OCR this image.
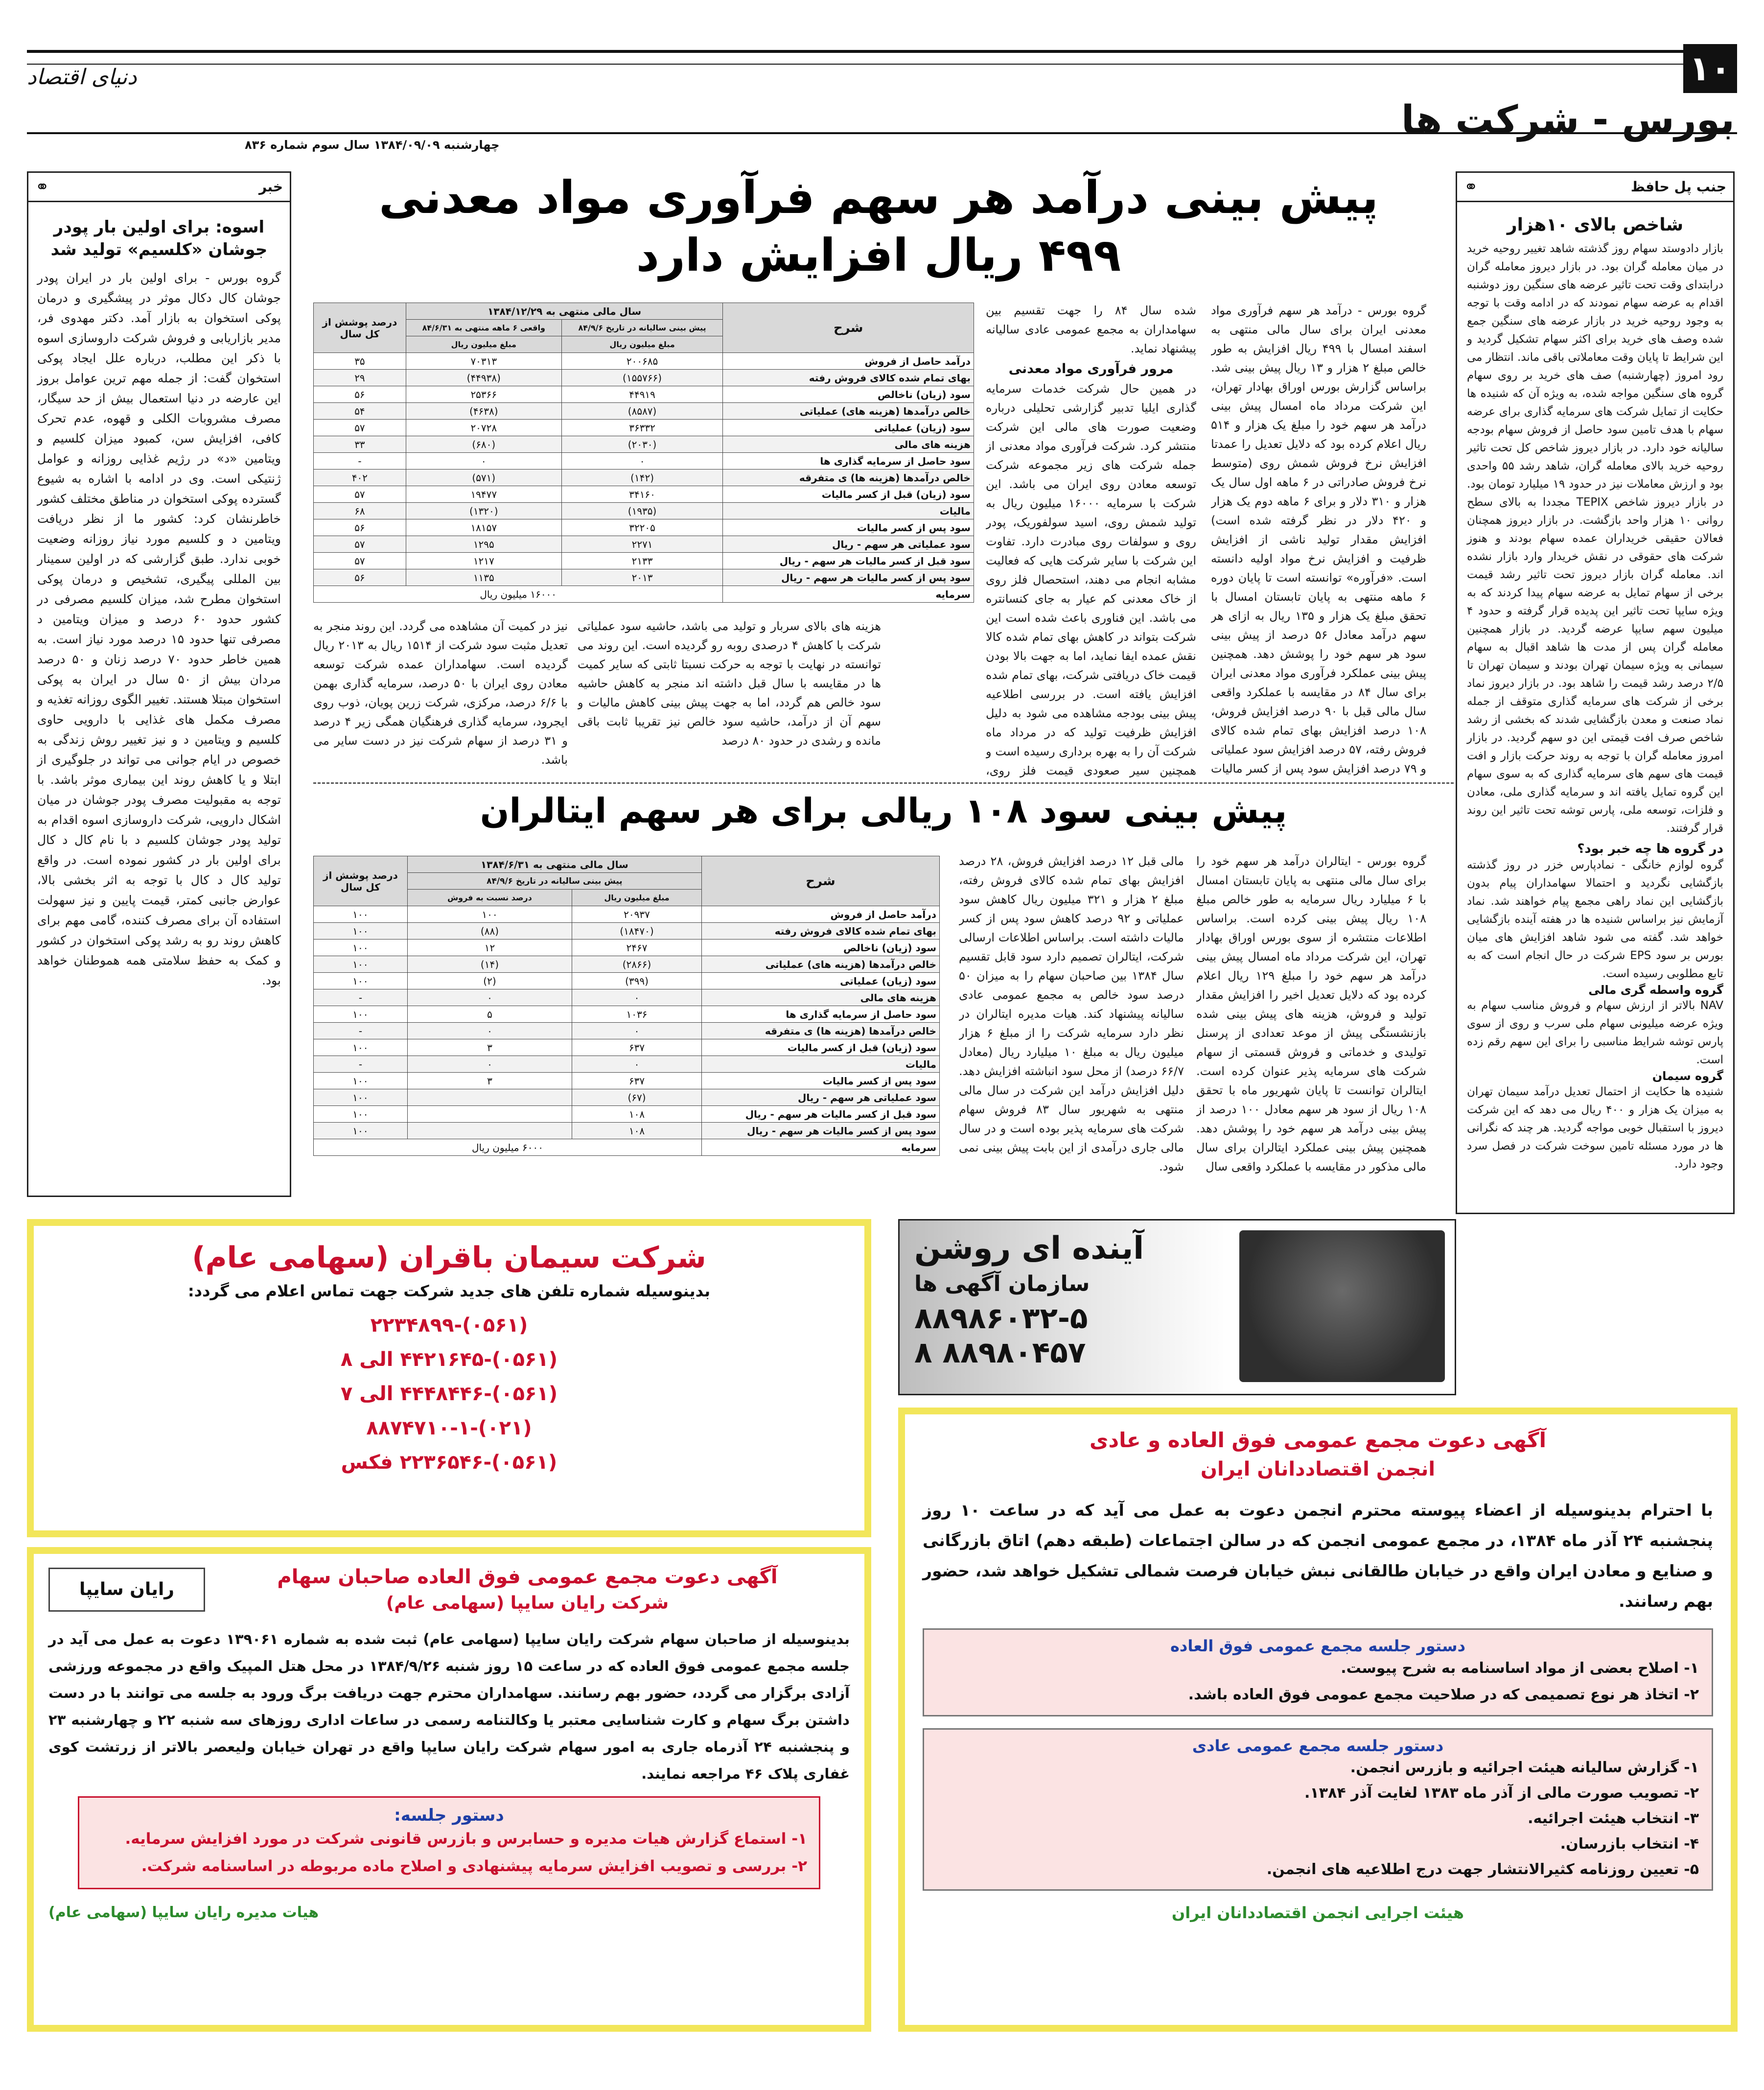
۱۰
دنیای اقتصاد
بورس - شرکت ها
چهارشنبه ۱۳۸۴/۰۹/۰۹ سال سوم شماره ۸۳۶
جنب پل حافظ
⚭
شاخص بالای ۱۰هزار

بازار دادوستد سهام روز گذشته شاهد تغییر روحیه خرید در میان معامله گران بود. در بازار دیروز معامله گران درابتدای وقت تحت تاثیر عرضه های سنگین روز دوشنبه اقدام به عرضه سهام نمودند که در ادامه وقت با توجه به وجود روحیه خرید در بازار عرضه های سنگین جمع شده وصف های خرید برای اکثر سهام تشکیل گردید و این شرایط تا پایان وقت معاملاتی باقی ماند. انتظار می رود امروز (چهارشنبه) صف های خرید بر روی سهام گروه های سنگین مواجه شده، به ویژه آن که شنیده ها حکایت از تمایل شرکت های سرمایه گذاری برای عرضه سهام با هدف تامین سود حاصل از فروش سهام بودجه سالیانه خود دارد. در بازار دیروز شاخص کل تحت تاثیر روحیه خرید بالای معامله گران، شاهد رشد ۵۵ واحدی بود و ارزش معاملات نیز در حدود ۱۹ میلیارد تومان بود. در بازار دیروز شاخص TEPIX مجددا به بالای سطح روانی ۱۰ هزار واحد بازگشت. در بازار دیروز همچنان فعالان حقیقی خریداران عمده سهام بودند و هنوز شرکت های حقوقی در نقش خریدار وارد بازار نشده اند. معامله گران بازار دیروز تحت تاثیر رشد قیمت برخی از سهام تمایل به عرضه سهام پیدا کردند که به ویژه سایپا تحت تاثیر این پدیده قرار گرفته و حدود ۴ میلیون سهم سایپا عرضه گردید. در بازار همچنین معامله گران پس از مدت ها شاهد اقبال به سهام سیمانی به ویژه سیمان تهران بودند و سیمان تهران تا ۲/۵ درصد رشد قیمت را شاهد بود. در بازار دیروز نماد برخی از شرکت های سرمایه گذاری متوقف از جمله نماد صنعت و معدن بازگشایی شدند که بخشی از رشد شاخص صرف افت قیمتی این دو سهم گردید. در بازار امروز معامله گران با توجه به روند حرکت بازار و افت قیمت های سهم های سرمایه گذاری که به سوی سهام این گروه تمایل یافته اند و سرمایه گذاری ملی، معادن و فلزات، توسعه ملی، پارس توشه تحت تاثیر این روند قرار گرفتند.

در گروه ها چه خبر بود؟

گروه لوازم خانگی - نمادپارس خزر در روز گذشته بازگشایی نگردید و احتمالا سهامداران پیام بدون بازگشایی این نماد راهی مجمع پیام خواهند شد. نماد آزمایش نیز براساس شنیده ها در هفته آینده بازگشایی خواهد شد. گفته می شود شاهد افزایش های میان بورس بر سود EPS شرکت در حال انجام است که به تابع مطلوبی رسیده است.

گروه واسطه گری مالی

NAV بالاتر از ارزش سهام و فروش مناسب سهام به ویژه عرضه میلیونی سهام ملی سرب و روی از سوی پارس توشه شرایط مناسبی را برای این سهم رقم زده است.

گروه سیمان

شنیده ها حکایت از احتمال تعدیل درآمد سیمان تهران به میزان یک هزار و ۴۰۰ ریال می دهد که این شرکت دیروز با استقبال خوبی مواجه گردید. هر چند که نگرانی ها در مورد مسئله تامین سوخت شرکت در فصل سرد وجود دارد.

خبر
⚭
اسوه: برای اولین بار پودر جوشان «کلسیم» تولید شد

گروه بورس - برای اولین بار در ایران پودر جوشان کال دکال موثر در پیشگیری و درمان پوکی استخوان به بازار آمد. دکتر مهدوی فر، مدیر بازاریابی و فروش شرکت داروسازی اسوه با ذکر این مطلب، درباره علل ایجاد پوکی استخوان گفت: از جمله مهم ترین عوامل بروز این عارضه در دنیا استعمال بیش از حد سیگار، مصرف مشروبات الکلی و قهوه، عدم تحرک کافی، افزایش سن، کمبود میزان کلسیم و ویتامین «د» در رژیم غذایی روزانه و عوامل ژنتیکی است. وی در ادامه با اشاره به شیوع گسترده پوکی استخوان در مناطق مختلف کشور خاطرنشان کرد: کشور ما از نظر دریافت ویتامین د و کلسیم مورد نیاز روزانه وضعیت خوبی ندارد. طبق گزارشی که در اولین سمینار بین المللی پیگیری، تشخیص و درمان پوکی استخوان مطرح شد، میزان کلسیم مصرفی در کشور حدود ۶۰ درصد و میزان ویتامین د مصرفی تنها حدود ۱۵ درصد مورد نیاز است. به همین خاطر حدود ۷۰ درصد زنان و ۵۰ درصد مردان بیش از ۵۰ سال در ایران به پوکی استخوان مبتلا هستند. تغییر الگوی روزانه تغذیه و مصرف مکمل های غذایی با دارویی حاوی کلسیم و ویتامین د و نیز تغییر روش زندگی به خصوص در ایام جوانی می تواند در جلوگیری از ابتلا و یا کاهش روند این بیماری موثر باشد. با توجه به مقبولیت مصرف پودر جوشان در میان اشکال دارویی، شرکت داروسازی اسوه اقدام به تولید پودر جوشان کلسیم د با نام کال د کال برای اولین بار در کشور نموده است. در واقع تولید کال د کال با توجه به اثر بخشی بالا، عوارض جانبی کمتر، قیمت پایین و نیز سهولت استفاده آن برای مصرف کننده، گامی مهم برای کاهش روند رو به رشد پوکی استخوان در کشور و کمک به حفظ سلامتی همه هموطنان خواهد بود.

پیش بینی درآمد هر سهم فرآوری مواد معدنی
۴۹۹ ریال افزایش دارد

گروه بورس - درآمد هر سهم فرآوری مواد معدنی ایران برای سال مالی منتهی به اسفند امسال با ۴۹۹ ریال افزایش به طور خالص مبلغ ۲ هزار و ۱۳ ریال پیش بینی شد. براساس گزارش بورس اوراق بهادار تهران، این شرکت مرداد ماه امسال پیش بینی درآمد هر سهم خود را مبلغ یک هزار و ۵۱۴ ریال اعلام کرده بود که دلایل تعدیل را عمدتا افزایش نرخ فروش شمش روی (متوسط نرخ فروش صادراتی در ۶ ماهه اول سال یک هزار و ۳۱۰ دلار و برای ۶ ماهه دوم یک هزار و ۴۲۰ دلار در نظر گرفته شده است) افزایش مقدار تولید ناشی از افزایش ظرفیت و افزایش نرخ مواد اولیه دانسته است. «فرآوره» توانسته است تا پایان دوره ۶ ماهه منتهی به پایان تابستان امسال با تحقق مبلغ یک هزار و ۱۳۵ ریال به ازای هر سهم درآمد معادل ۵۶ درصد از پیش بینی سود هر سهم خود را پوشش دهد. همچنین پیش بینی عملکرد فرآوری مواد معدنی ایران برای سال ۸۴ در مقایسه با عملکرد واقعی سال مالی قبل با ۹۰ درصد افزایش فروش، ۱۰۸ درصد افزایش بهای تمام شده کالای فروش رفته، ۵۷ درصد افزایش سود عملیاتی و ۷۹ درصد افزایش سود پس از کسر مالیات

شده سال ۸۴ را جهت تقسیم بین سهامداران به مجمع عمومی عادی سالیانه پیشنهاد نماید.

مرور فرآوری مواد معدنی

در همین حال شرکت خدمات سرمایه گذاری ایلیا تدبیر گزارشی تحلیلی درباره وضعیت صورت های مالی این شرکت منتشر کرد. شرکت فرآوری مواد معدنی از جمله شرکت های زیر مجموعه شرکت توسعه معادن روی ایران می باشد. این شرکت با سرمایه ۱۶۰۰۰ میلیون ریال به تولید شمش روی، اسید سولفوریک، پودر روی و سولفات روی مبادرت دارد. تفاوت این شرکت با سایر شرکت هایی که فعالیت مشابه انجام می دهند، استحصال فلز روی از خاک معدنی کم عیار به جای کنسانتره می باشد. این فناوری باعث شده است این شرکت بتواند در کاهش بهای تمام شده کالا نقش عمده ایفا نماید، اما به جهت بالا بودن قیمت خاک دریافتی شرکت، بهای تمام شده افزایش یافته است. در بررسی اطلاعیه پیش بینی بودجه مشاهده می شود به دلیل افزایش ظرفیت تولید که در مرداد ماه شرکت آن را به بهره برداری رسیده است و همچنین سیر صعودی قیمت فلز روی،

شرح	سال مالی منتهی به ۱۳۸۴/۱۲/۲۹		درصد پوشش از کل سال
	پیش بینی سالیانه در تاریخ ۸۴/۹/۶	واقعی ۶ ماهه منتهی به ۸۴/۶/۳۱	
	مبلغ میلیون ریال	مبلغ میلیون ریال	
درآمد حاصل از فروش	۲۰۰۶۸۵	۷۰۳۱۳	۳۵
بهای تمام شده کالای فروش رفته	(۱۵۵۷۶۶)	(۴۴۹۳۸)	۲۹
سود (زیان) ناخالص	۴۴۹۱۹	۲۵۳۶۶	۵۶
خالص درآمدها (هزینه های) عملیاتی	(۸۵۸۷)	(۴۶۳۸)	۵۴
سود (زیان) عملیاتی	۳۶۳۳۲	۲۰۷۲۸	۵۷
هزینه های مالی	(۲۰۳۰)	(۶۸۰)	۳۳
سود حاصل از سرمایه گذاری ها	۰	۰	-
خالص درآمدها (هزینه ها) ی متفرقه	(۱۴۲)	(۵۷۱)	۴۰۲
سود (زیان) قبل از کسر مالیات	۳۴۱۶۰	۱۹۴۷۷	۵۷
مالیات	(۱۹۳۵)	(۱۳۲۰)	۶۸
سود پس از کسر مالیات	۳۲۲۰۵	۱۸۱۵۷	۵۶
سود عملیاتی هر سهم - ریال	۲۲۷۱	۱۲۹۵	۵۷
سود قبل از کسر مالیات هر سهم - ریال	۲۱۳۳	۱۲۱۷	۵۷
سود پس از کسر مالیات هر سهم - ریال	۲۰۱۳	۱۱۳۵	۵۶
سرمایه	۱۶۰۰۰ میلیون ریال		

هزینه های بالای سربار و تولید می باشد، حاشیه سود عملیاتی شرکت با کاهش ۴ درصدی روبه رو گردیده است. این روند می توانسته در نهایت با توجه به حرکت نسبتا ثابتی که سایر کمیت ها در مقایسه با سال قبل داشته اند منجر به کاهش حاشیه سود خالص هم گردد، اما به جهت پیش بینی کاهش مالیات و سهم آن از درآمد، حاشیه سود خالص نیز تقریبا ثابت باقی مانده و رشدی در حدود ۸۰ درصد

نیز در کمیت آن مشاهده می گردد. این روند منجر به تعدیل مثبت سود شرکت از ۱۵۱۴ ریال به ۲۰۱۳ ریال گردیده است. سهامداران عمده شرکت توسعه معادن روی ایران با ۵۰ درصد، سرمایه گذاری بهمن با ۶/۶ درصد، مرکزی، شرکت زرین پویان، ذوب روی ایجرود، سرمایه گذاری فرهنگیان همگی زیر ۴ درصد و ۳۱ درصد از سهام شرکت نیز در دست سایر می باشد.

پیش بینی سود ۱۰۸ ریالی برای هر سهم ایتالران

گروه بورس - ایتالران درآمد هر سهم خود را برای سال مالی منتهی به پایان تابستان امسال با ۶ میلیارد ریال سرمایه به طور خالص مبلغ ۱۰۸ ریال پیش بینی کرده است. براساس اطلاعات منتشره از سوی بورس اوراق بهادار تهران، این شرکت مرداد ماه امسال پیش بینی درآمد هر سهم خود را مبلغ ۱۲۹ ریال اعلام کرده بود که دلایل تعدیل اخیر را افزایش مقدار تولید و فروش، هزینه های پیش بینی شده بازنشستگی پیش از موعد تعدادی از پرسنل تولیدی و خدماتی و فروش قسمتی از سهام شرکت های سرمایه پذیر عنوان کرده است. ایتالران توانست تا پایان شهریور ماه با تحقق ۱۰۸ ریال از سود هر سهم معادل ۱۰۰ درصد از پیش بینی درآمد هر سهم خود را پوشش دهد. همچنین پیش بینی عملکرد ایتالران برای سال مالی مذکور در مقایسه با عملکرد واقعی سال

مالی قبل ۱۲ درصد افزایش فروش، ۲۸ درصد افزایش بهای تمام شده کالای فروش رفته، مبلغ ۲ هزار و ۳۲۱ میلیون ریال کاهش سود عملیاتی و ۹۲ درصد کاهش سود پس از کسر مالیات داشته است. براساس اطلاعات ارسالی شرکت، ایتالران تصمیم دارد سود قابل تقسیم سال ۱۳۸۴ بین صاحبان سهام را به میزان ۵۰ درصد سود خالص به مجمع عمومی عادی سالیانه پیشنهاد کند. هیات مدیره ایتالران در نظر دارد سرمایه شرکت را از مبلغ ۶ هزار میلیون ریال به مبلغ ۱۰ میلیارد ریال (معادل ۶۶/۷ درصد) از محل سود انباشته افزایش دهد. دلیل افزایش درآمد این شرکت در سال مالی منتهی به شهریور سال ۸۳ فروش سهام شرکت های سرمایه پذیر بوده است و در سال مالی جاری درآمدی از این بابت پیش بینی نمی شود.

شرح	سال مالی منتهی به ۱۳۸۴/۶/۳۱		درصد پوشش از کل سال
	پیش بینی سالیانه در تاریخ ۸۴/۹/۶		
	مبلغ میلیون ریال	درصد نسبت به فروش	
درآمد حاصل از فروش	۲۰۹۳۷	۱۰۰	۱۰۰
بهای تمام شده کالای فروش رفته	(۱۸۴۷۰)	(۸۸)	۱۰۰
سود (زیان) ناخالص	۲۴۶۷	۱۲	۱۰۰
خالص درآمدها (هزینه های) عملیاتی	(۲۸۶۶)	(۱۴)	۱۰۰
سود (زیان) عملیاتی	(۳۹۹)	(۲)	۱۰۰
هزینه های مالی	۰	۰	-
سود حاصل از سرمایه گذاری ها	۱۰۳۶	۵	۱۰۰
خالص درآمدها (هزینه ها) ی متفرقه	۰	۰	-
سود (زیان) قبل از کسر مالیات	۶۳۷	۳	۱۰۰
مالیات	۰	۰	-
سود پس از کسر مالیات	۶۳۷	۳	۱۰۰
سود عملیاتی هر سهم - ریال	(۶۷)		۱۰۰
سود قبل از کسر مالیات هر سهم - ریال	۱۰۸		۱۰۰
سود پس از کسر مالیات هر سهم - ریال	۱۰۸		۱۰۰
سرمایه	۶۰۰۰ میلیون ریال		
شرکت سیمان باقران (سهامی عام)
بدینوسیله شماره تلفن های جدید شرکت جهت تماس اعلام می گردد:
(۰۵۶۱)-۲۲۳۴۸۹۹
(۰۵۶۱)-۴۴۲۱۶۴۵ الی ۸
(۰۵۶۱)-۴۴۴۸۴۴۶ الی ۷
(۰۲۱)-۸۸۷۴۷۱۰-۱
(۰۵۶۱)-۲۲۳۶۵۴۶ فکس
آینده ای روشن
سازمان آگهی ها
۸۸۹۸۶۰۳۲-۵
۸۸۹۸۰۴۵۷ ۸
آگهی دعوت مجمع عمومی فوق العاده صاحبان سهام
شرکت رایان سایپا (سهامی عام)
رایان سایپا

بدینوسیله از صاحبان سهام شرکت رایان سایپا (سهامی عام) ثبت شده به شماره ۱۳۹۰۶۱ دعوت به عمل می آید در جلسه مجمع عمومی فوق العاده که در ساعت ۱۵ روز شنبه ۱۳۸۴/۹/۲۶ در محل هتل المپیک واقع در مجموعه ورزشی آزادی برگزار می گردد، حضور بهم رسانند. سهامداران محترم جهت دریافت برگ ورود به جلسه می توانند با در دست داشتن برگ سهام و کارت شناسایی معتبر یا وکالتنامه رسمی در ساعات اداری روزهای سه شنبه ۲۲ و چهارشنبه ۲۳ و پنجشنبه ۲۴ آذرماه جاری به امور سهام شرکت رایان سایپا واقع در تهران خیابان ولیعصر بالاتر از زرتشت کوی غفاری پلاک ۴۶ مراجعه نمایند.

دستور جلسه:
۱- استماع گزارش هیات مدیره و حسابرس و بازرس قانونی شرکت در مورد افزایش سرمایه.
۲- بررسی و تصویب افزایش سرمایه پیشنهادی و اصلاح ماده مربوطه در اساسنامه شرکت.
هیات مدیره رایان سایپا (سهامی عام)
آگهی دعوت مجمع عمومی فوق العاده و عادی
انجمن اقتصاددانان ایران

با احترام بدینوسیله از اعضاء پیوسته محترم انجمن دعوت به عمل می آید که در ساعت ۱۰ روز پنجشنبه ۲۴ آذر ماه ۱۳۸۴، در مجمع عمومی انجمن که در سالن اجتماعات (طبقه دهم) اتاق بازرگانی و صنایع و معادن ایران واقع در خیابان طالقانی نبش خیابان فرصت شمالی تشکیل خواهد شد، حضور بهم رسانند.

دستور جلسه مجمع عمومی فوق العاده
۱- اصلاح بعضی از مواد اساسنامه به شرح پیوست.
۲- اتخاذ هر نوع تصمیمی که در صلاحیت مجمع عمومی فوق العاده باشد.
دستور جلسه مجمع عمومی عادی
۱- گزارش سالیانه هیئت اجرائیه و بازرس انجمن.
۲- تصویب صورت مالی از آذر ماه ۱۳۸۳ لغایت آذر ۱۳۸۴.
۳- انتخاب هیئت اجرائیه.
۴- انتخاب بازرسان.
۵- تعیین روزنامه کثیرالانتشار جهت درج اطلاعیه های انجمن.
هیئت اجرایی انجمن اقتصاددانان ایران
